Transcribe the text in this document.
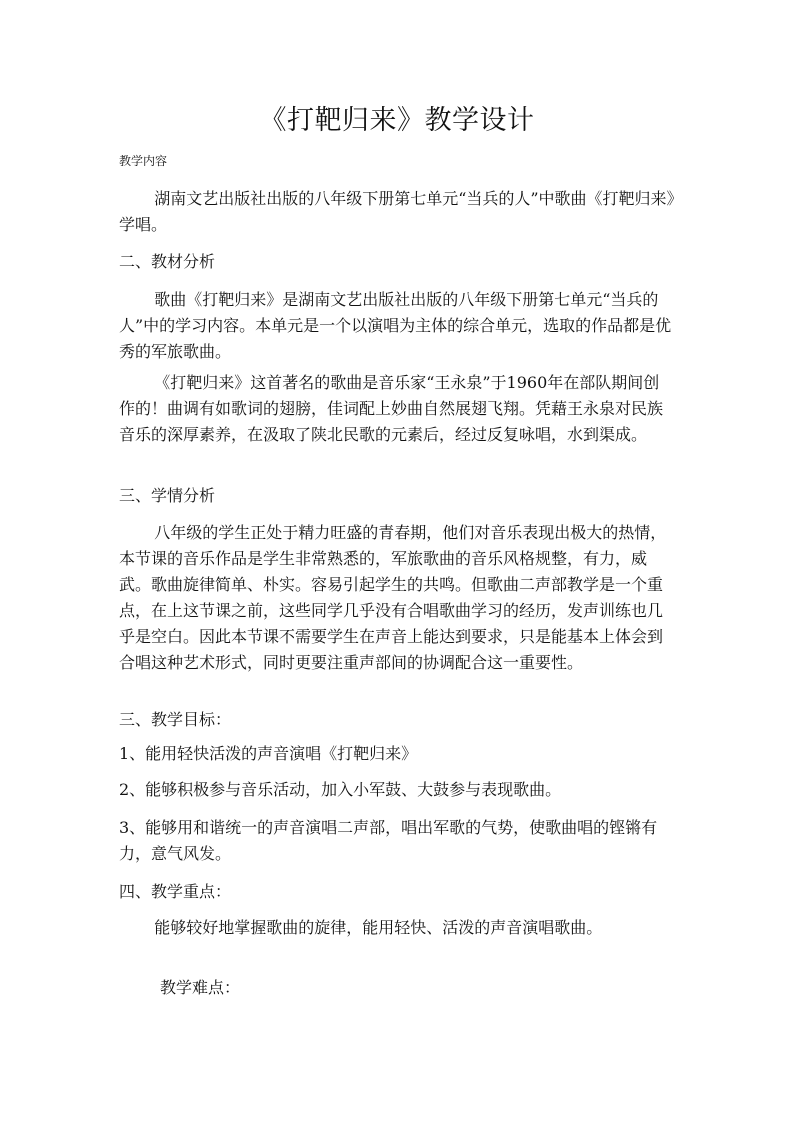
《打靶归来》教学设计
教学内容
湖南文艺出版社出版的八年级下册第七单元“当兵的人”中歌曲《打靶归来》学唱。
二、教材分析
歌曲《打靶归来》是湖南文艺出版社出版的八年级下册第七单元“当兵的人”中的学习内容。本单元是一个以演唱为主体的综合单元，选取的作品都是优秀的军旅歌曲。
《打靶归来》这首著名的歌曲是音乐家“王永泉”于1960年在部队期间创作的！曲调有如歌词的翅膀，佳词配上妙曲自然展翅飞翔。凭藉王永泉对民族音乐的深厚素养，在汲取了陕北民歌的元素后，经过反复咏唱，水到渠成。
三、学情分析
八年级的学生正处于精力旺盛的青春期，他们对音乐表现出极大的热情，本节课的音乐作品是学生非常熟悉的，军旅歌曲的音乐风格规整，有力，威武。歌曲旋律简单、朴实。容易引起学生的共鸣。但歌曲二声部教学是一个重点，在上这节课之前，这些同学几乎没有合唱歌曲学习的经历，发声训练也几乎是空白。因此本节课不需要学生在声音上能达到要求，只是能基本上体会到合唱这种艺术形式，同时更要注重声部间的协调配合这一重要性。
三、教学目标：
1、能用轻快活泼的声音演唱《打靶归来》
2、能够积极参与音乐活动，加入小军鼓、大鼓参与表现歌曲。
3、能够用和谐统一的声音演唱二声部，唱出军歌的气势，使歌曲唱的铿锵有力，意气风发。
四、教学重点：
能够较好地掌握歌曲的旋律，能用轻快、活泼的声音演唱歌曲。
教学难点：
